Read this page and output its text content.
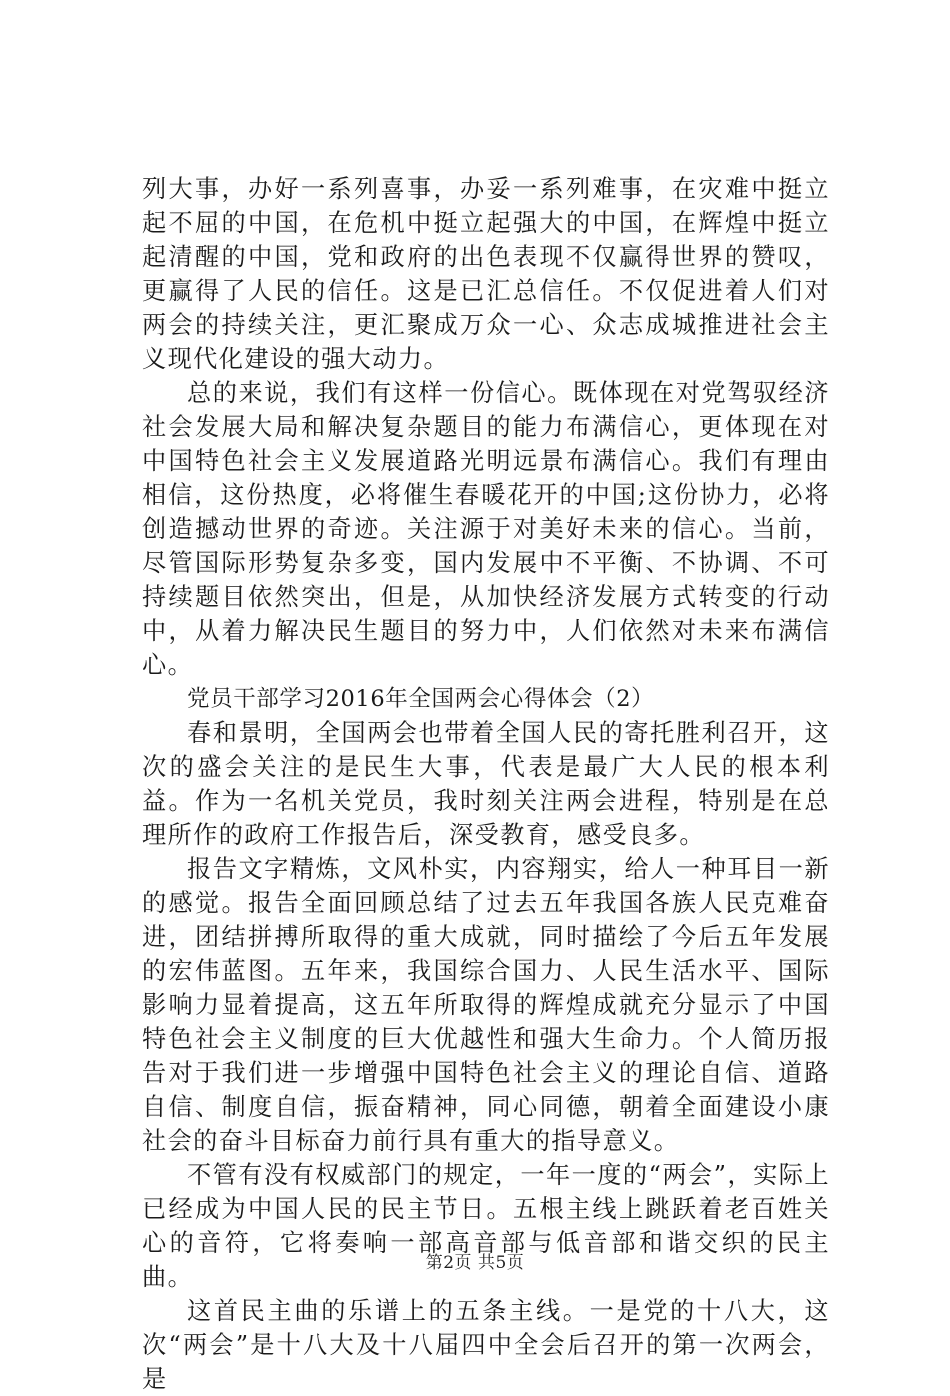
列大事，办好一系列喜事，办妥一系列难事，在灾难中挺立起不屈的中国，在危机中挺立起强大的中国，在辉煌中挺立起清醒的中国，党和政府的出色表现不仅赢得世界的赞叹，更赢得了人民的信任。这是已汇总信任。不仅促进着人们对两会的持续关注，更汇聚成万众一心、众志成城推进社会主义现代化建设的强大动力。

总的来说，我们有这样一份信心。既体现在对党驾驭经济社会发展大局和解决复杂题目的能力布满信心，更体现在对中国特色社会主义发展道路光明远景布满信心。我们有理由相信，这份热度，必将催生春暖花开的中国;这份协力，必将创造撼动世界的奇迹。关注源于对美好未来的信心。当前，尽管国际形势复杂多变，国内发展中不平衡、不协调、不可持续题目依然突出，但是，从加快经济发展方式转变的行动中，从着力解决民生题目的努力中，人们依然对未来布满信心。

党员干部学习2016年全国两会心得体会（2）

春和景明，全国两会也带着全国人民的寄托胜利召开，这次的盛会关注的是民生大事，代表是最广大人民的根本利益。作为一名机关党员，我时刻关注两会进程，特别是在总理所作的政府工作报告后，深受教育，感受良多。

报告文字精炼，文风朴实，内容翔实，给人一种耳目一新的感觉。报告全面回顾总结了过去五年我国各族人民克难奋进，团结拼搏所取得的重大成就，同时描绘了今后五年发展的宏伟蓝图。五年来，我国综合国力、人民生活水平、国际影响力显着提高，这五年所取得的辉煌成就充分显示了中国特色社会主义制度的巨大优越性和强大生命力。个人简历报告对于我们进一步增强中国特色社会主义的理论自信、道路自信、制度自信，振奋精神，同心同德，朝着全面建设小康社会的奋斗目标奋力前行具有重大的指导意义。

不管有没有权威部门的规定，一年一度的“两会”，实际上已经成为中国人民的民主节日。五根主线上跳跃着老百姓关心的音符，它将奏响一部高音部与低音部和谐交织的民主曲。

这首民主曲的乐谱上的五条主线。一是党的十八大，这次“两会”是十八大及十八届四中全会后召开的第一次两会，是

第2页 共5页
